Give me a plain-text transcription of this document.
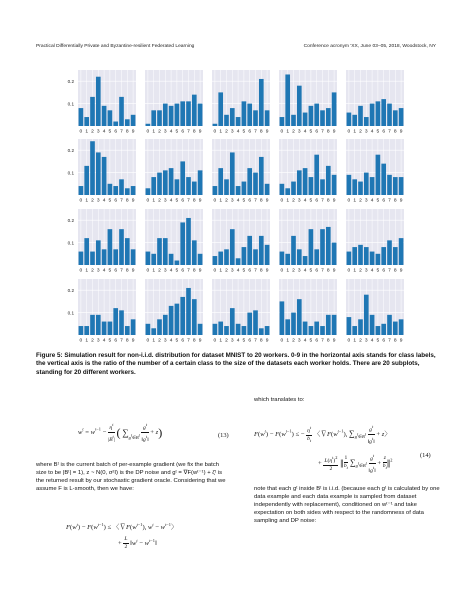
Practical Differentially Private and Byzantine-resilient Federated Learning	Conference acronym 'XX, June 03–05, 2018, Woodstock, NY
0.1
0.2
0 1 2 3 4 5 6 7 8 9 0 1 2 3 4 5 6 7 8 9 0 1 2 3 4 5 6 7 8 9 0 1 2 3 4 5 6 7 8 9 0 1 2 3 4 5 6 7 8 9
0.1
0.2
0 1 2 3 4 5 6 7 8 9 0 1 2 3 4 5 6 7 8 9 0 1 2 3 4 5 6 7 8 9 0 1 2 3 4 5 6 7 8 9 0 1 2 3 4 5 6 7 8 9
0.1
0.2
0 1 2 3 4 5 6 7 8 9 0 1 2 3 4 5 6 7 8 9 0 1 2 3 4 5 6 7 8 9 0 1 2 3 4 5 6 7 8 9 0 1 2 3 4 5 6 7 8 9
0.1
0.2
0 1 2 3 4 5 6 7 8 9 0 1 2 3 4 5 6 7 8 9 0 1 2 3 4 5 6 7 8 9 0 1 2 3 4 5 6 7 8 9 0 1 2 3 4 5 6 7 8 9
Figure 5: Simulation result for non-i.i.d. distribution for dataset MNIST to 20 workers. 0-9 in the horizontal axis stands for class labels, the vertical axis is the ratio of the number of a certain class to the size of the datasets each worker holds. There are 20 subplots, standing for 20 different workers.
$w^t = w^{t-1} - \frac{\eta^t}{|B^t|}$ ( $\sum_{g^t\in B^t} \frac{g^t}{‖g^t‖} + z$)	(13)
where Bᵗ is the current batch of per-example gradient (we fix the batch size to be |Bᵗ| = 1), z ~ N(0, σ²I) is the DP noise and gᵗ = ∇F(wᵗ⁻¹) + ζᵗ is the returned result by our stochastic gradient oracle. Considering that we assume F is L-smooth, then we have:
$F(w^t) - F(w^{t-1})$ ≤ 〈$\nabla F(w^{t-1})$, $w^t - w^{t-1}$〉
+ $\frac{L}{2}$ $‖w^t$ − $w^{t-1}‖$
which translates to:
$F(w^t) - F(w^{t-1})$ ≤ − $\frac{\eta^t}{b_t}$ 〈$\nabla F(w^{t-1})$, $\sum_{g^t\in B^t} \frac{g^t}{‖g^t‖} + z$〉
+ $\frac{L(\eta^t)^2}{2}$ ‖ $\frac{1}{b_t} \sum_{g^t\in B^t} \frac{g^t}{‖g^t‖} + \frac{z}{b_t}$ ‖$^2$
(14)
note that each gᵗ inside Bᵗ is i.i.d. (because each gᵗ is calculated by one data example and each data example is sampled from dataset independently with replacement), conditioned on wᵗ⁻¹ and take expectation on both sides with respect to the randomness of data sampling and DP noise:
